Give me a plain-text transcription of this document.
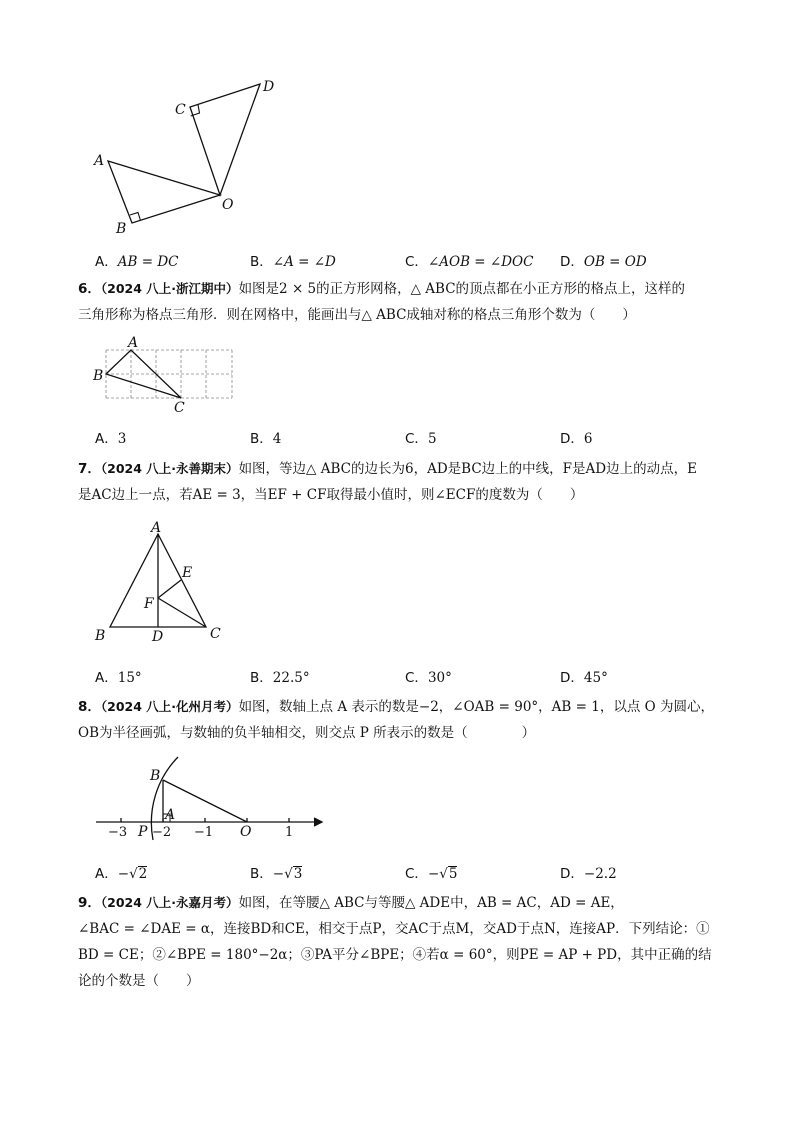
A
B
C
D
O
A．AB = DC	B．∠A = ∠D	C．∠AOB = ∠DOC D．OB = OD
6．（2024 八上·浙江期中）如图是2 × 5的正方形网格，△ ABC的顶点都在小正方形的格点上，这样的
三角形称为格点三角形．则在网格中，能画出与△ ABC成轴对称的格点三角形个数为（　　）
A
B
C
A．3	B．4	C．5	D．6
7．（2024 八上·永善期末）如图，等边△ ABC的边长为6，AD是BC边上的中线，F是AD边上的动点，E
是AC边上一点，若AE = 3，当EF + CF取得最小值时，则∠ECF的度数为（　　）
A
B	C
D
E
F
A．15°	B．22.5°	C．30°	D．45°
8．（2024 八上·化州月考）如图，数轴上点 A 表示的数是−2，∠OAB = 90°，AB = 1，以点 O 为圆心，
OB为半径画弧，与数轴的负半轴相交，则交点 P 所表示的数是（　　　　）
B
A
P	O
−3 −2 −1	1
A．−√2	B．−√3	C．−√5	D．−2.2
9．（2024 八上·永嘉月考）如图，在等腰△ ABC与等腰△ ADE中，AB = AC，AD = AE，
∠BAC = ∠DAE = α，连接BD和CE，相交于点P，交AC于点M，交AD于点N，连接AP．下列结论：①
BD = CE；②∠BPE = 180°−2α；③PA平分∠BPE；④若α = 60°，则PE = AP + PD，其中正确的结
论的个数是（　　）
